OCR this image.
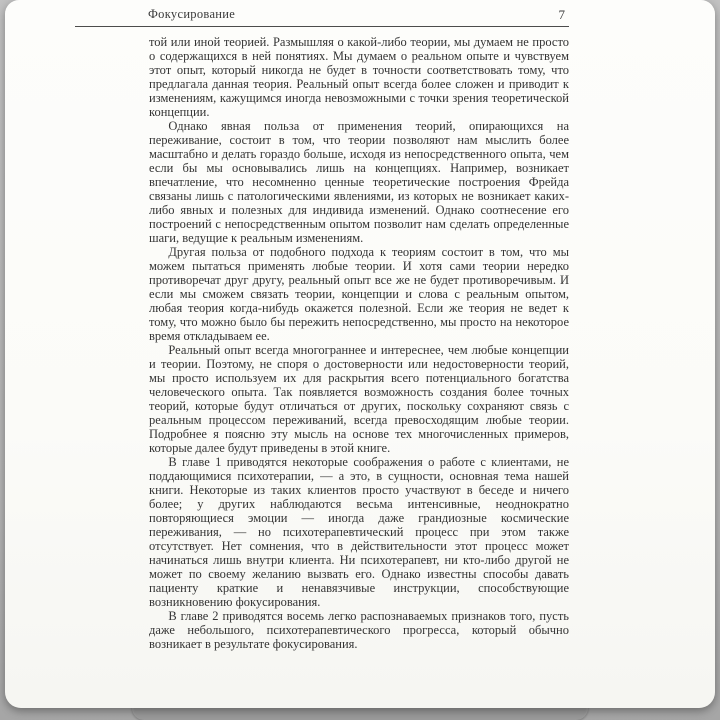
Фокусирование	7

той или иной теорией. Размышляя о какой-либо теории, мы думаем не просто о содержащихся в ней понятиях. Мы думаем о реальном опыте и чувствуем этот опыт, который никогда не будет в точности соответствовать тому, что предлагала данная теория. Реальный опыт всегда более сложен и приводит к изменениям, кажущимся иногда невозможными с точки зрения теоретической концепции.

Однако явная польза от применения теорий, опирающихся на переживание, состоит в том, что теории позволяют нам мыслить более масштабно и делать гораздо больше, исходя из непосредственного опыта, чем если бы мы основывались лишь на концепциях. Например, возникает впечатление, что несомненно ценные теоретические построения Фрейда связаны лишь с патологическими явлениями, из которых не возникает каких-либо явных и полезных для индивида изменений. Однако соотнесение его построений с непосредственным опытом позволит нам сделать определенные шаги, ведущие к реальным изменениям.

Другая польза от подобного подхода к теориям состоит в том, что мы можем пытаться применять любые теории. И хотя сами теории нередко противоречат друг другу, реальный опыт все же не будет противоречивым. И если мы сможем связать теории, концепции и слова с реальным опытом, любая теория когда-нибудь окажется полезной. Если же теория не ведет к тому, что можно было бы пережить непосредственно, мы просто на некоторое время откладываем ее.

Реальный опыт всегда многограннее и интереснее, чем любые концепции и теории. Поэтому, не споря о достоверности или недостоверности теорий, мы просто используем их для раскрытия всего потенциального богатства человеческого опыта. Так появляется возможность создания более точных теорий, которые будут отличаться от других, поскольку сохраняют связь с реальным процессом переживаний, всегда превосходящим любые теории. Подробнее я поясню эту мысль на основе тех многочисленных примеров, которые далее будут приведены в этой книге.

В главе 1 приводятся некоторые соображения о работе с клиентами, не поддающимися психотерапии, — а это, в сущности, основная тема нашей книги. Некоторые из таких клиентов просто участвуют в беседе и ничего более; у других наблюдаются весьма интенсивные, неоднократно повторяющиеся эмоции — иногда даже грандиозные космические переживания, — но психотерапевтический процесс при этом также отсутствует. Нет сомнения, что в действительности этот процесс может начинаться лишь внутри клиента. Ни психотерапевт, ни кто-либо другой не может по своему желанию вызвать его. Однако известны способы давать пациенту краткие и ненавязчивые инструкции, способствующие возникновению фокусирования.

В главе 2 приводятся восемь легко распознаваемых признаков того, пусть даже небольшого, психотерапевтического прогресса, который обычно возникает в результате фокусирования.
